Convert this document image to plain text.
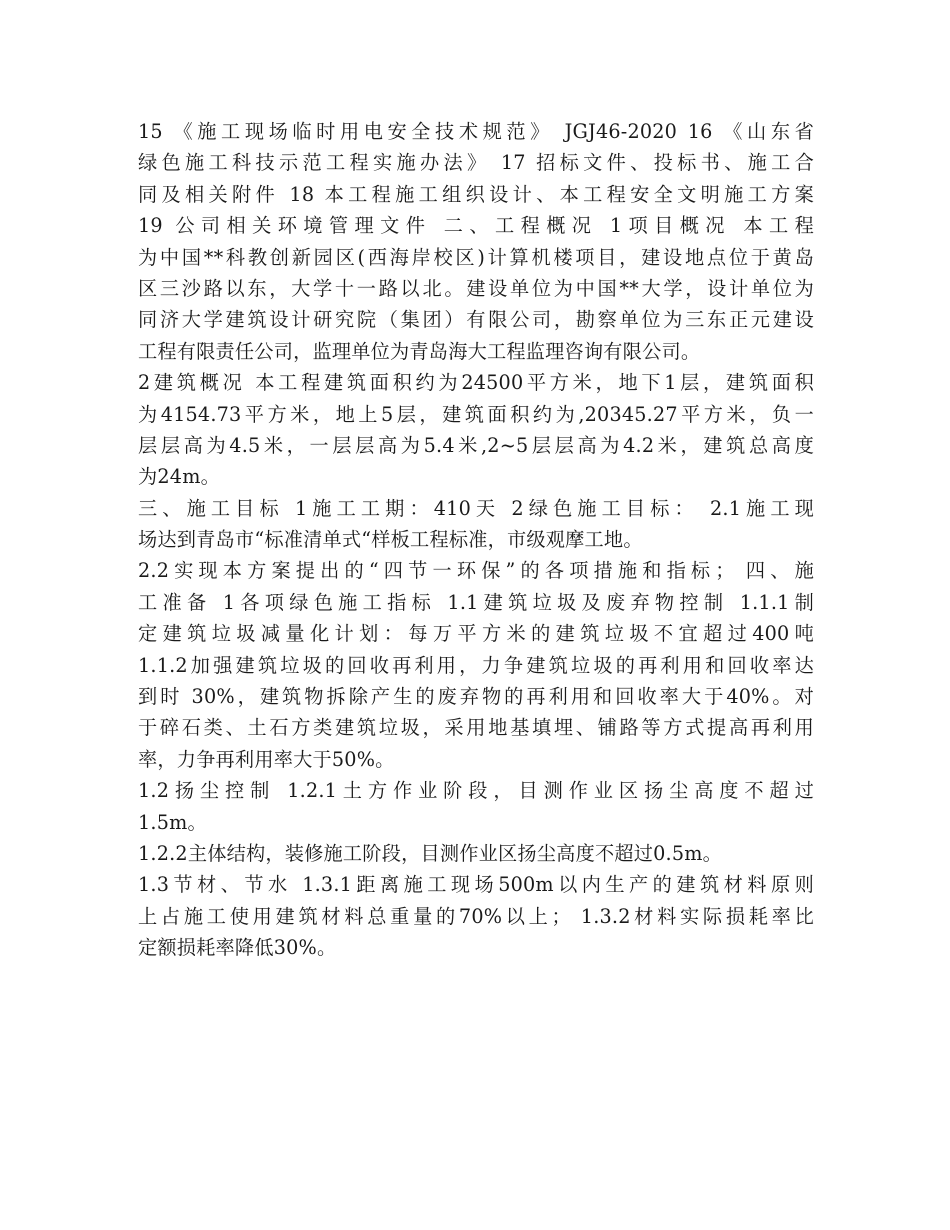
15 《施工现场临时用电安全技术规范》 JGJ46-2020 16 《山东省
绿色施工科技示范工程实施办法》 17 招标文件、投标书、施工合
同及相关附件 18 本工程施工组织设计、本工程安全文明施工方案
19 公司相关环境管理文件 二、工程概况 1项目概况 本工程
为中国**科教创新园区(西海岸校区)计算机楼项目，建设地点位于黄岛
区三沙路以东，大学十一路以北。建设单位为中国**大学，设计单位为
同济大学建筑设计研究院（集团）有限公司，勘察单位为三东正元建设
工程有限责任公司，监理单位为青岛海大工程监理咨询有限公司。
2建筑概况 本工程建筑面积约为24500平方米，地下1层，建筑面积
为4154.73平方米，地上5层，建筑面积约为,20345.27平方米，负一
层层高为4.5米，一层层高为5.4米,2~5层层高为4.2米，建筑总高度
为24m。
三、施工目标 1施工工期：410天 2绿色施工目标： 2.1施工现
场达到青岛市“标准清单式“样板工程标准，市级观摩工地。
2.2实现本方案提出的“四节一环保”的各项措施和指标； 四、施
工准备 1各项绿色施工指标 1.1建筑垃圾及废弃物控制 1.1.1制
定建筑垃圾减量化计划：每万平方米的建筑垃圾不宜超过400吨
1.1.2加强建筑垃圾的回收再利用，力争建筑垃圾的再利用和回收率达
到时 30%，建筑物拆除产生的废弃物的再利用和回收率大于40%。对
于碎石类、土石方类建筑垃圾，采用地基填埋、铺路等方式提高再利用
率，力争再利用率大于50%。
1.2扬尘控制 1.2.1土方作业阶段，目测作业区扬尘高度不超过
1.5m。
1.2.2主体结构，装修施工阶段，目测作业区扬尘高度不超过0.5m。
1.3节材、节水 1.3.1距离施工现场500m以内生产的建筑材料原则
上占施工使用建筑材料总重量的70%以上； 1.3.2材料实际损耗率比
定额损耗率降低30%。
